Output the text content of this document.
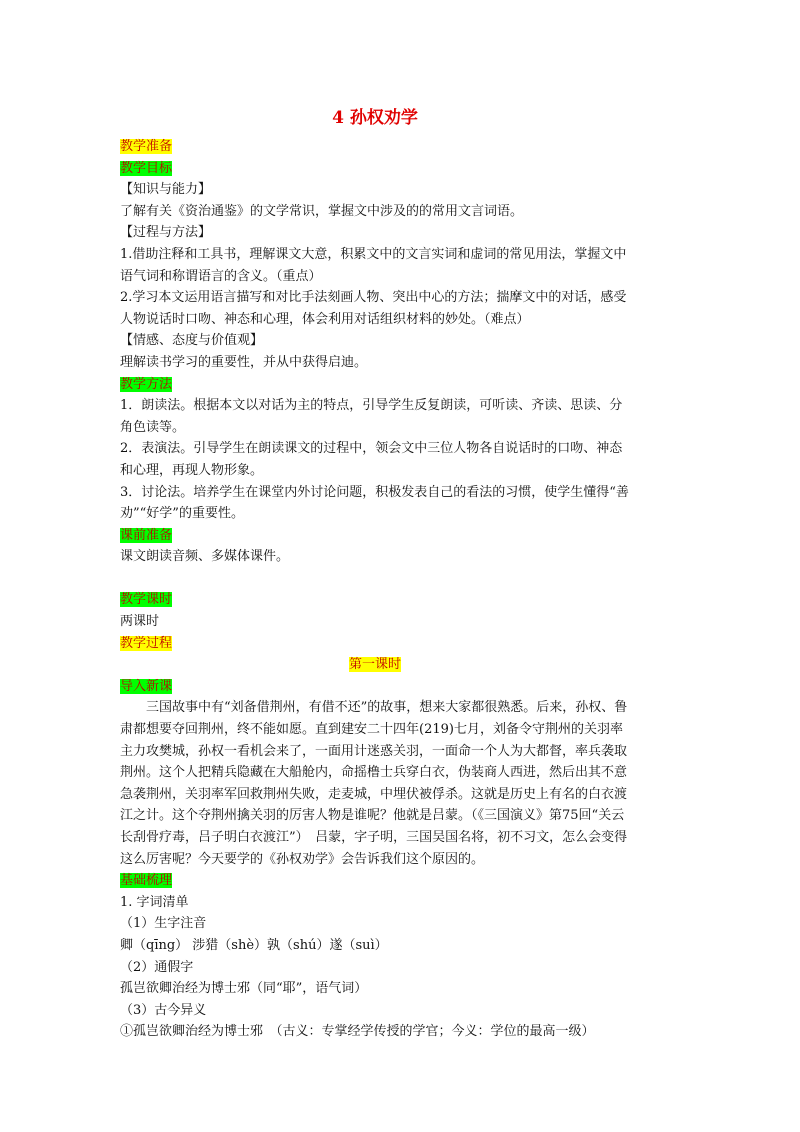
4 孙权劝学

教学准备

教学目标

【知识与能力】

了解有关《资治通鉴》的文学常识，掌握文中涉及的的常用文言词语。

【过程与方法】

1.借助注释和工具书，理解课文大意，积累文中的文言实词和虚词的常见用法，掌握文中语气词和称谓语言的含义。（重点）

2.学习本文运用语言描写和对比手法刻画人物、突出中心的方法；揣摩文中的对话，感受人物说话时口吻、神态和心理，体会利用对话组织材料的妙处。（难点）

【情感、态度与价值观】

理解读书学习的重要性，并从中获得启迪。

教学方法

1．朗读法。根据本文以对话为主的特点，引导学生反复朗读，可听读、齐读、思读、分角色读等。

2．表演法。引导学生在朗读课文的过程中，领会文中三位人物各自说话时的口吻、神态和心理，再现人物形象。

3．讨论法。培养学生在课堂内外讨论问题，积极发表自己的看法的习惯，使学生懂得“善劝”“好学”的重要性。

课前准备

课文朗读音频、多媒体课件。

教学课时

两课时

教学过程

第一课时

导入新课

三国故事中有“刘备借荆州，有借不还”的故事，想来大家都很熟悉。后来，孙权、鲁肃都想要夺回荆州，终不能如愿。直到建安二十四年(219)七月，刘备令守荆州的关羽率主力攻樊城，孙权一看机会来了，一面用计迷惑关羽，一面命一个人为大都督，率兵袭取荆州。这个人把精兵隐藏在大船舱内，命摇橹士兵穿白衣，伪装商人西进，然后出其不意急袭荆州，关羽率军回救荆州失败，走麦城，中埋伏被俘杀。这就是历史上有名的白衣渡江之计。这个夺荆州擒关羽的厉害人物是谁呢？他就是吕蒙。（《三国演义》第75回“关云长刮骨疗毒，吕子明白衣渡江”）　吕蒙，字子明，三国吴国名将，初不习文，怎么会变得这么厉害呢？今天要学的《孙权劝学》会告诉我们这个原因的。

基础梳理

1. 字词清单

（1）生字注音

卿（qīng） 涉猎（shè）孰（shú）遂（suì）

（2）通假字

孤岂欲卿治经为博士邪（同“耶”，语气词）

（3）古今异义

①孤岂欲卿治经为博士邪　（古义：专掌经学传授的学官；今义：学位的最高一级）
